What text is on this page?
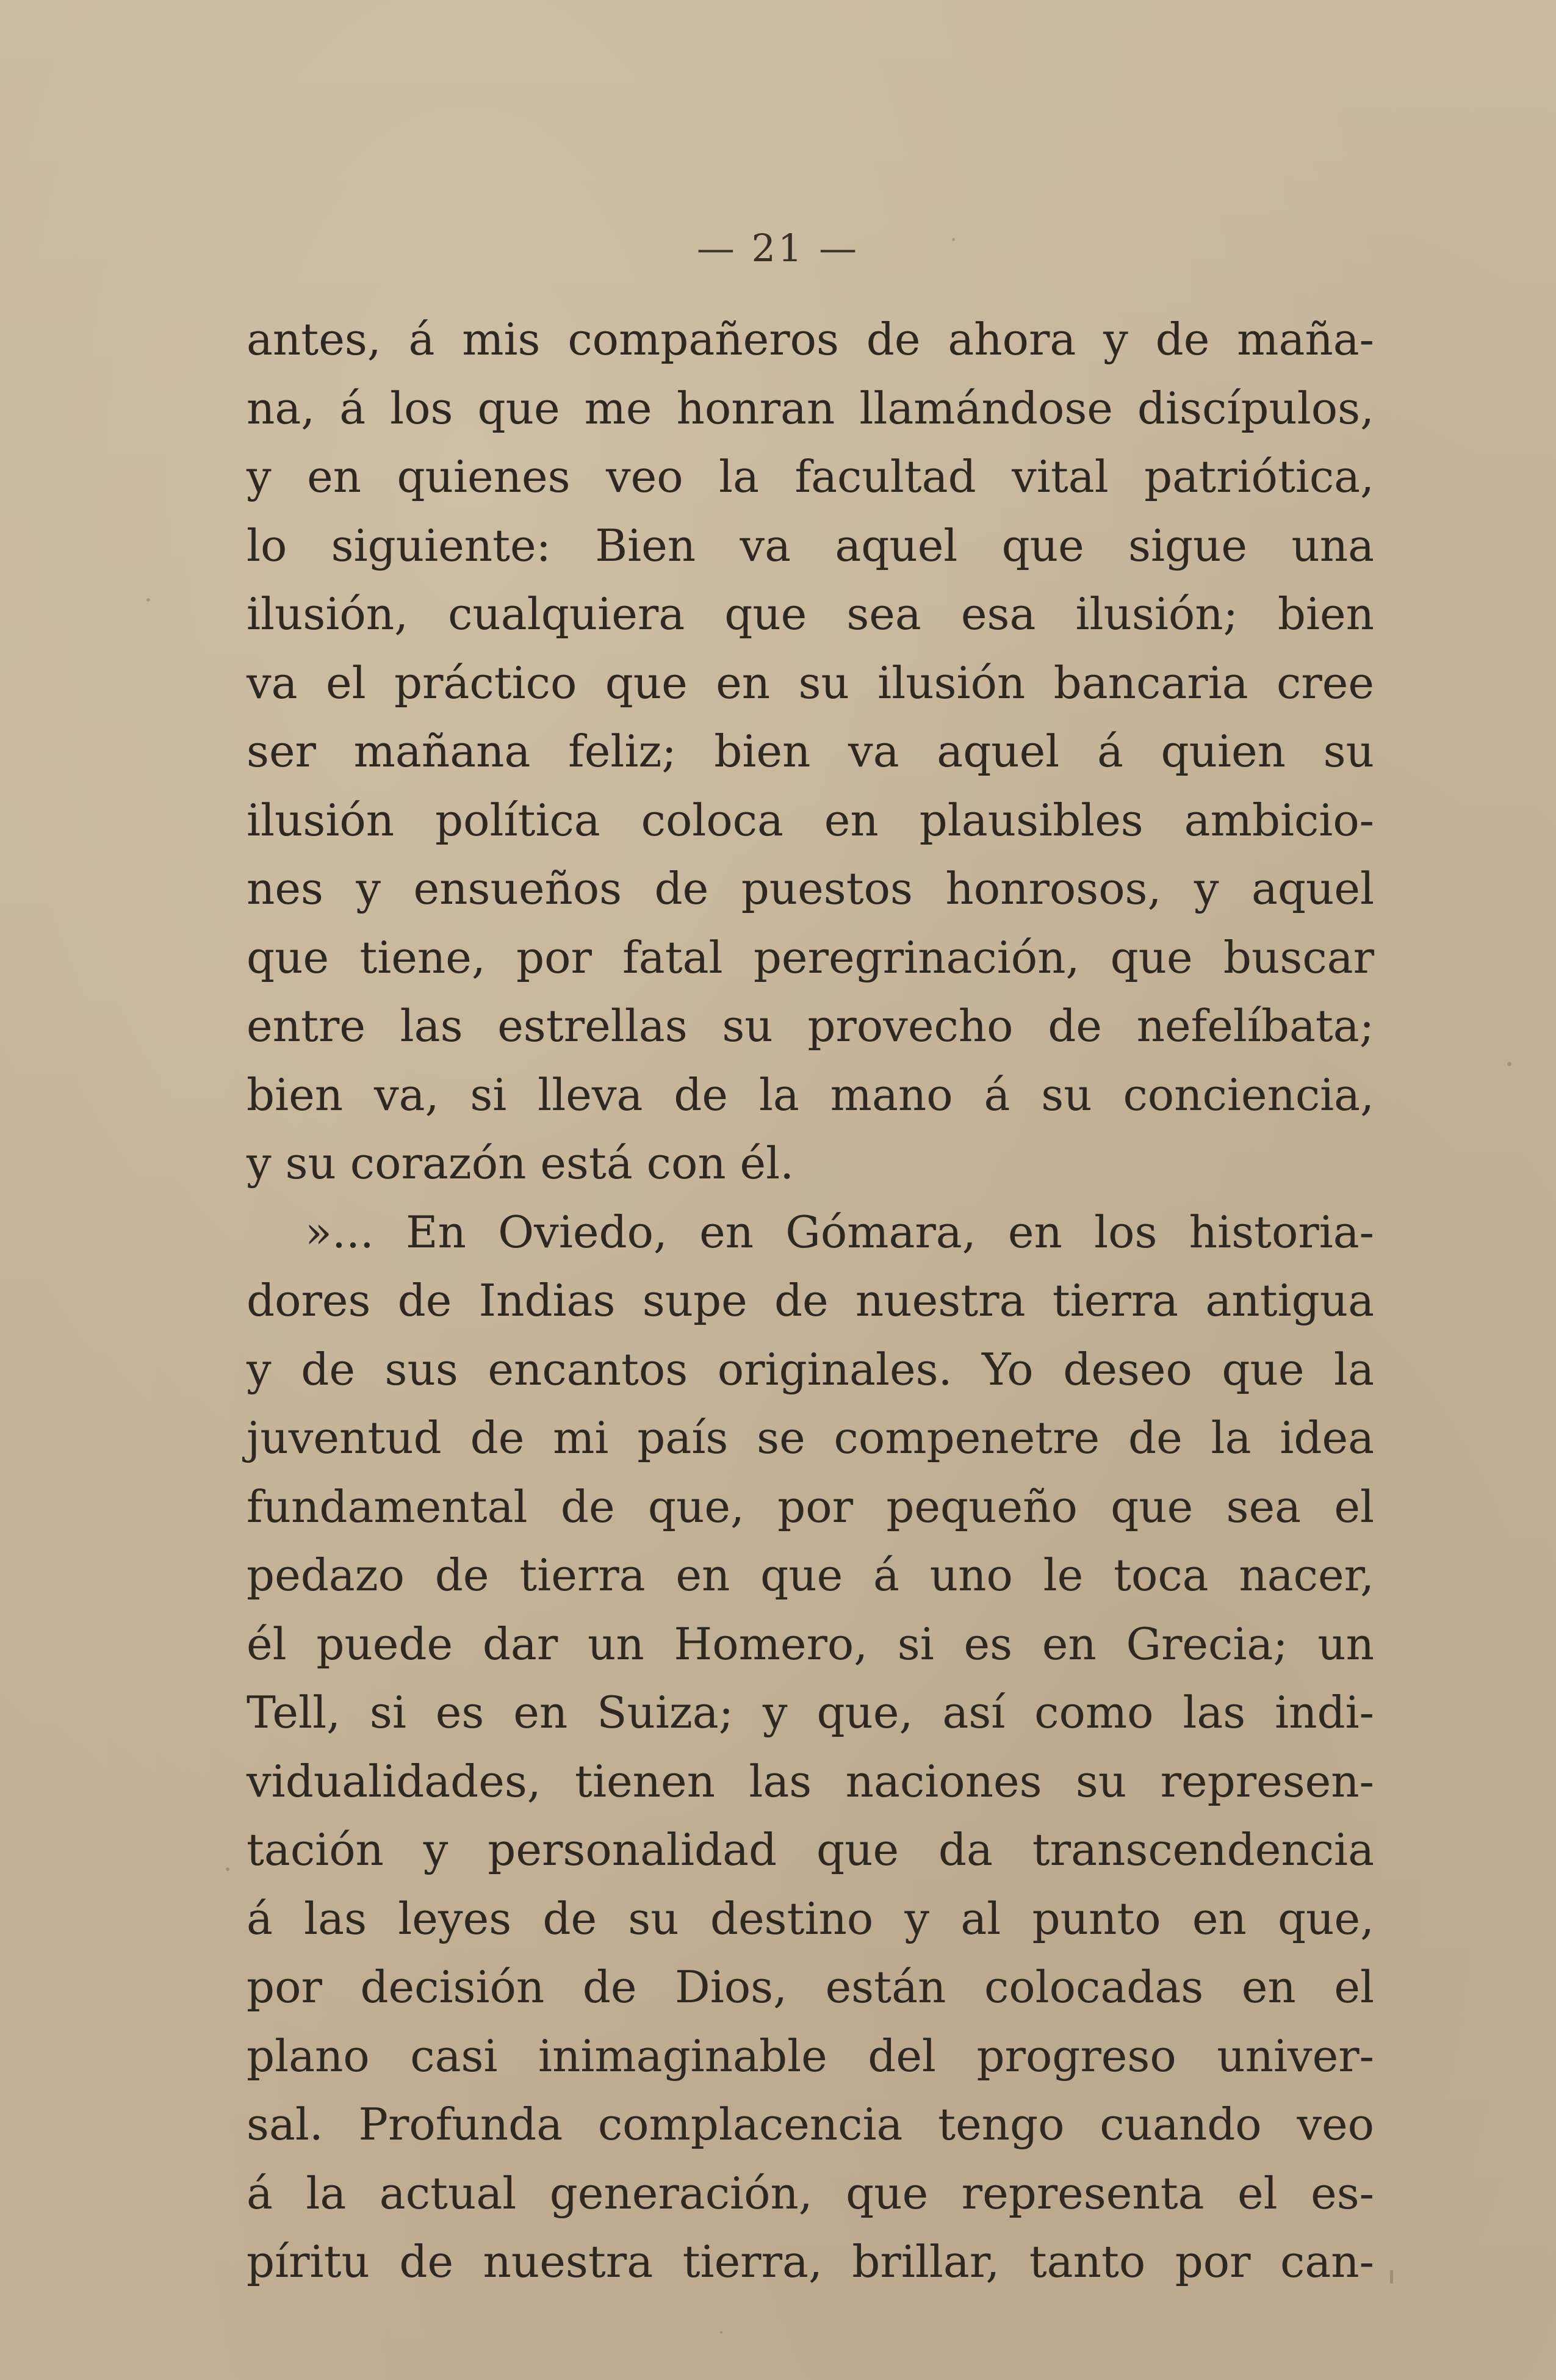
— 21 —
antes, á mis compañeros de ahora y de maña-
na, á los que me honran llamándose discípulos,
y en quienes veo la facultad vital patriótica,
lo siguiente: Bien va aquel que sigue una
ilusión, cualquiera que sea esa ilusión; bien
va el práctico que en su ilusión bancaria cree
ser mañana feliz; bien va aquel á quien su
ilusión política coloca en plausibles ambicio-
nes y ensueños de puestos honrosos, y aquel
que tiene, por fatal peregrinación, que buscar
entre las estrellas su provecho de nefelíbata;
bien va, si lleva de la mano á su conciencia,
y su corazón está con él.
»... En Oviedo, en Gómara, en los historia-
dores de Indias supe de nuestra tierra antigua
y de sus encantos originales. Yo deseo que la
juventud de mi país se compenetre de la idea
fundamental de que, por pequeño que sea el
pedazo de tierra en que á uno le toca nacer,
él puede dar un Homero, si es en Grecia; un
Tell, si es en Suiza; y que, así como las indi-
vidualidades, tienen las naciones su represen-
tación y personalidad que da transcendencia
á las leyes de su destino y al punto en que,
por decisión de Dios, están colocadas en el
plano casi inimaginable del progreso univer-
sal. Profunda complacencia tengo cuando veo
á la actual generación, que representa el es-
píritu de nuestra tierra, brillar, tanto por can-
